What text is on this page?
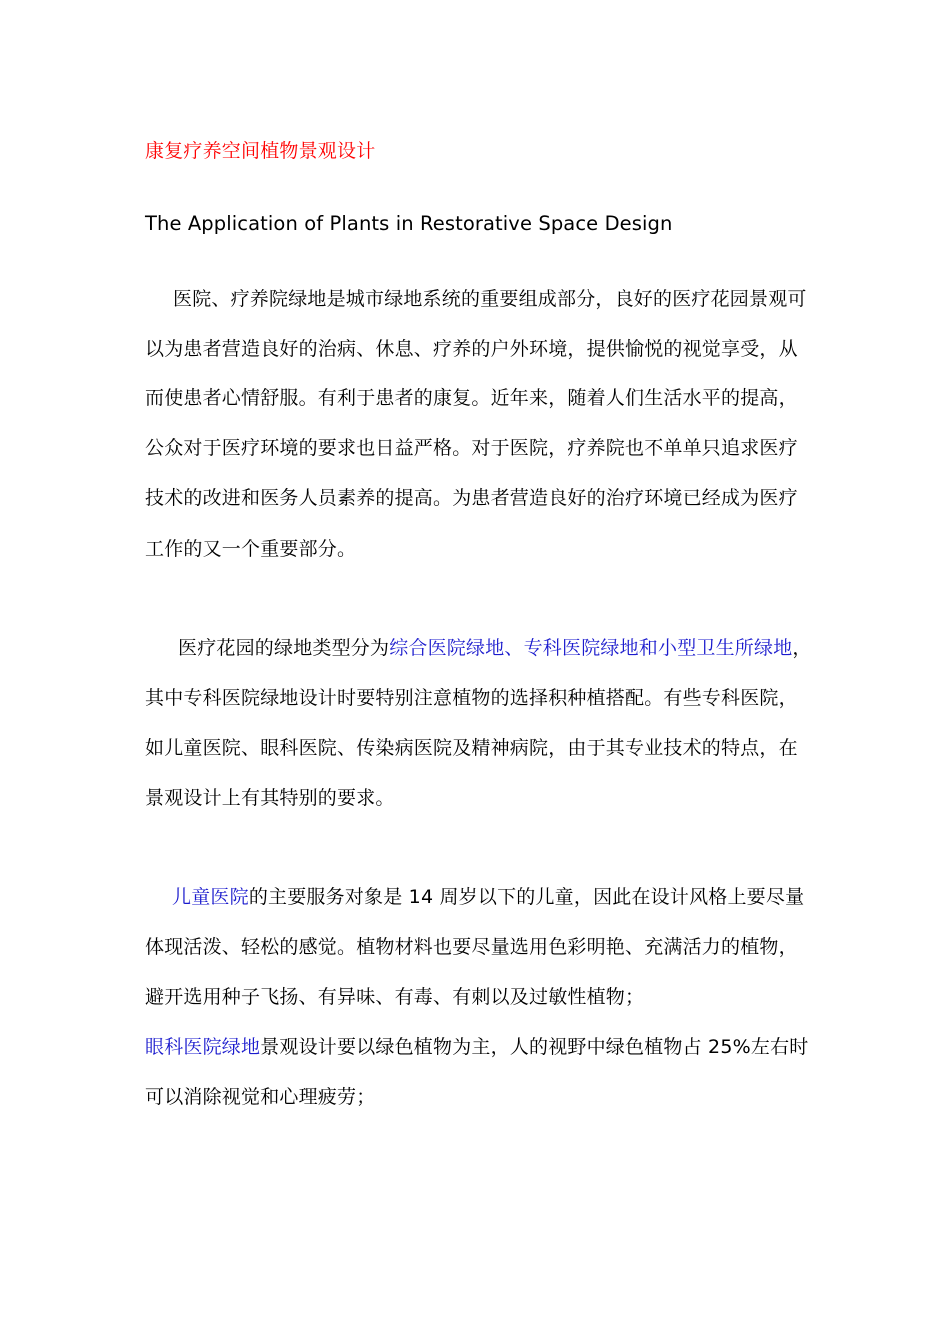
康复疗养空间植物景观设计
The Application of Plants in Restorative Space Design
医院、疗养院绿地是城市绿地系统的重要组成部分，良好的医疗花园景观可
以为患者营造良好的治病、休息、疗养的户外环境，提供愉悦的视觉享受，从
而使患者心情舒服。有利于患者的康复。近年来，随着人们生活水平的提高，
公众对于医疗环境的要求也日益严格。对于医院，疗养院也不单单只追求医疗
技术的改进和医务人员素养的提高。为患者营造良好的治疗环境已经成为医疗
工作的又一个重要部分。
医疗花园的绿地类型分为综合医院绿地、专科医院绿地和小型卫生所绿地，
其中专科医院绿地设计时要特别注意植物的选择积种植搭配。有些专科医院，
如儿童医院、眼科医院、传染病医院及精神病院，由于其专业技术的特点，在
景观设计上有其特别的要求。
儿童医院的主要服务对象是 14 周岁以下的儿童，因此在设计风格上要尽量
体现活泼、轻松的感觉。植物材料也要尽量选用色彩明艳、充满活力的植物，
避开选用种子飞扬、有异味、有毒、有刺以及过敏性植物；
眼科医院绿地景观设计要以绿色植物为主，人的视野中绿色植物占 25%左右时
可以消除视觉和心理疲劳；
